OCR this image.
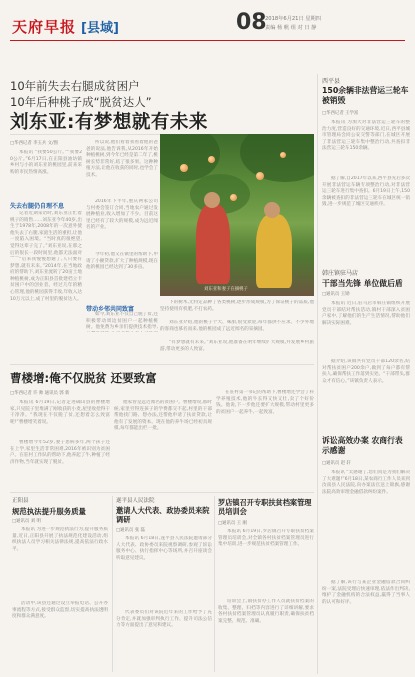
天府早报 [县域]	08
2018年6月21日 星期四
责编 杨 帆 组 对 日 静
10年前失去右腿成贫困户
10年后种桃子成“脱贫达人”
刘东亚:有梦想就有未来
□华西记者 李玉兵 文/图
本报讯 “我要50公斤。”“我要20公斤。”6月17日,在正阳县油坊镇乡村与小的刘东亚的桃园里,前来采购的市民热情高涨。
失去右腿仍自理不息
记者近期采访时,刘东亚正忙着桃子的销售……刘东亚今年40岁,出生于1978年,2008年的一次意外使他失去了右腿,家庭生活的重担,让他一度陷入困境。“当时真的很绝望,觉得这辈子完了。”刘东亚说,在那之后的很长一段时间里,他都无法面对
“后来我慢慢想通了,人只要有梦想,就有未来。”2014年,在当地政府的帮助下,刘东亚流转了20亩土地种植桃树,成为正阳县首批建档立卡贫困户中的创业者。经过几年的精心管理,他的桃园获得丰收,年收入达10万元以上,成了村里的脱贫达人。
所以说,他们看着我看着他的爸爸的说法,他告诉我,从2016年开始种植桃树,到今年已经是第二年了,桃树长势非常好,结了很多果。这种种植方法,让他在收获的同时,也学会了技术。
2016年下半年,重庆两家公司与村委会签订合同,当地农户通过发展种植业,收入增加了不少。目前这里已经有了较大的规模,成为远近闻名的产业。
今年初,他又在镇里的帮助下,申请了小额贷款,扩大了种植规模,现在他的桃园已经达到了30多亩。
带动乡邻共同致富
如今,刘东亚不仅自己脱了贫,还积极带动周边贫困户一起种植桃树。他免费为乡亲们提供技术指导,
刘东亚和妻子在摘桃子
下的树木,无特定品种了各类桃树,逐步形成规模,为了保证桃子的品质,他坚持使用有机肥,不打农药。
刘东亚介绍,他的桃子个大、味甜,很受欢迎,每年都供不应求。不少外地的客商也慕名而来,他的桃园成了远近闻名的采摘园。
“有梦想就有未来。”刘东亚说,他准备在明年继续扩大规模,并发展乡村旅游,带动更多的人致富。
西平县
150余辆非法营运三轮车被销毁
□华西记者 王学富
本报讯 为加大对非法营运三轮车的整治力度,营造良好的交通环境,近日,西平县城市管理局会同公安交警等部门,在城区开展了非法营运三轮车集中整治行动,共查扣非法营运三轮车150余辆。
据了解,自2017年以来,西平县先后多次开展非法营运车辆专项整治行动,对非法营运三轮车进行集中查扣。6月19日上午,150余辆被查扣的非法营运三轮车在城区统一销毁,进一步规范了城区交通秩序。
韩庄镇驻马店
干部当先锋 单位做后盾
□通讯员 王勋
本报讯 近日,驻马店市韩庄镇组织开展党员干部结对帮扶活动,镇村干部深入贫困户家中,了解他们的生产生活情况,帮助他们解决实际困难。
据介绍,该镇共有党员干部120余名,结对帮扶贫困户200余户,做到了每户都有帮扶人,确保帮扶工作落到实处。“干部带头,群众才有信心。”该镇负责人表示。
诉讼高效办案 农商行表示感谢
□通讯员 赵 轩
本报讯 “太感谢了,您们真是为我们解决了大难题!”6月18日,某农商行工作人员来到汝南县人民法院,向办案法官送上锦旗,感谢法院高效审理金融借款纠纷案件。
据了解,该行与某企业金融借款合同纠纷一案,法院受理后快速审理,依法作出判决,维护了金融机构的合法权益,赢得了当事人的认可和好评。
曹楼增:俺不仅脱贫 还要致富
□华西记者 许 帅 通讯员 郭 新
本报讯 6月19日,记者走进确山县的曹楼增家,只见院子里堆满了刚收获的小麦,屋里收拾得干干净净。“我现在不仅脱了贫,还想着怎么致富呢!”曹楼增笑着说。
曹楼增今年52岁,妻子患病多年,两个孩子还在上学,家里生活非常困难,2016年被识别为贫困户。在驻村工作队的帮助下,他养起了牛,种植了经济作物,当年就实现了脱贫。
他家曾是远近闻名的贫困户。曹楼增说,那时候,家里穷得连孩子的学费都交不起,村里的干部帮他找门路、想办法,还帮他申请了扶贫贷款,让他有了发展的资本。现在他的养牛场已经初具规模,每年都能出栏一批。
在驻村第一书记的帮助下,曹楼增还学会了科学养殖技术,他的牛长得又快又壮,卖了个好价钱。他说,下一步他还要扩大规模,带动村里更多的贫困户一起养牛,一起致富。
正阳县
规范执法提升服务质量
□通讯员 刘 明
本报讯 为进一步规范执法行为,提升服务质量,近日,正阳县开展了执法规范化建设活动,组织执法人员学习相关法律法规,提高依法行政水平。
活动中,该县还通过设立举报电话、公开办事流程等方式,接受群众监督,切实提高执法透明度和群众满意度。
遂平县人民法院
邀请人大代表、政协委员来院调研
□通讯员 张 磊
本报讯 6月18日,遂平县人民法院邀请部分人大代表、政协委员来院视察调研,参观了诉讼服务中心、执行指挥中心等场所,并召开座谈会听取意见建议。
代表委员们对该院近年来的工作给予了充分肯定,并就加强审判执行工作、提升司法公信力等方面提出了意见和建议。
罗店镇召开专职扶贫档案管理员培训会
□通讯员 王 刚
本报讯 6月19日,罗店镇召开专职扶贫档案管理员培训会,对全镇各村扶贫档案管理员进行集中培训,进一步规范扶贫档案管理工作。
培训会上,镇扶贫办工作人员就扶贫档案的收集、整理、归档等内容进行了详细讲解,要求各村扶贫档案管理员认真履行职责,确保扶贫档案完整、规范、准确。
